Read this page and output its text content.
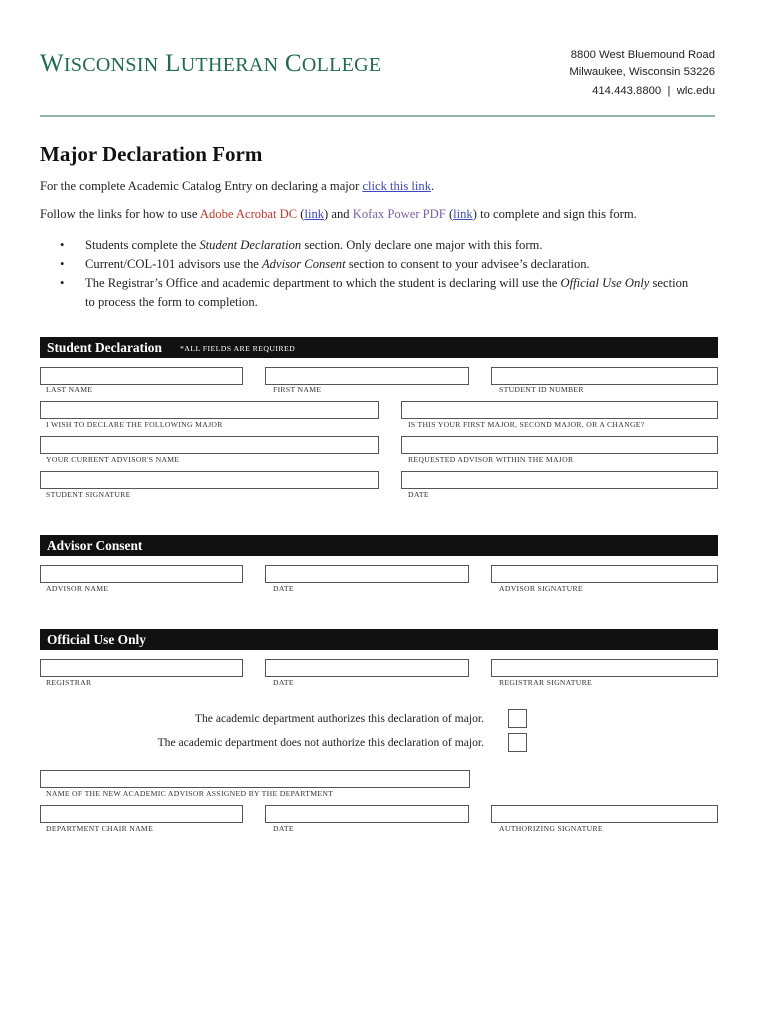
WISCONSIN LUTHERAN COLLEGE	8800 West Bluemound Road
Milwaukee, Wisconsin 53226
414.443.8800 | wlc.edu
Major Declaration Form
For the complete Academic Catalog Entry on declaring a major click this link.
Follow the links for how to use Adobe Acrobat DC (link) and Kofax Power PDF (link) to complete and sign this form.
• Students complete the Student Declaration section. Only declare one major with this form.
• Current/COL-101 advisors use the Advisor Consent section to consent to your advisee’s declaration.
• The Registrar’s Office and academic department to which the student is declaring will use the Official Use Only section
to process the form to completion.
Student Declaration *ALL FIELDS ARE REQUIRED
LAST NAME	FIRST NAME	STUDENT ID NUMBER
I WISH TO DECLARE THE FOLLOWING MAJOR	IS THIS YOUR FIRST MAJOR, SECOND MAJOR, OR A CHANGE?
YOUR CURRENT ADVISOR'S NAME	REQUESTED ADVISOR WITHIN THE MAJOR
STUDENT SIGNATURE	DATE
Advisor Consent
ADVISOR NAME	DATE	ADVISOR SIGNATURE
Official Use Only
REGISTRAR	DATE	REGISTRAR SIGNATURE
The academic department authorizes this declaration of major.
The academic department does not authorize this declaration of major.
NAME OF THE NEW ACADEMIC ADVISOR ASSIGNED BY THE DEPARTMENT
DEPARTMENT CHAIR NAME	DATE	AUTHORIZING SIGNATURE
